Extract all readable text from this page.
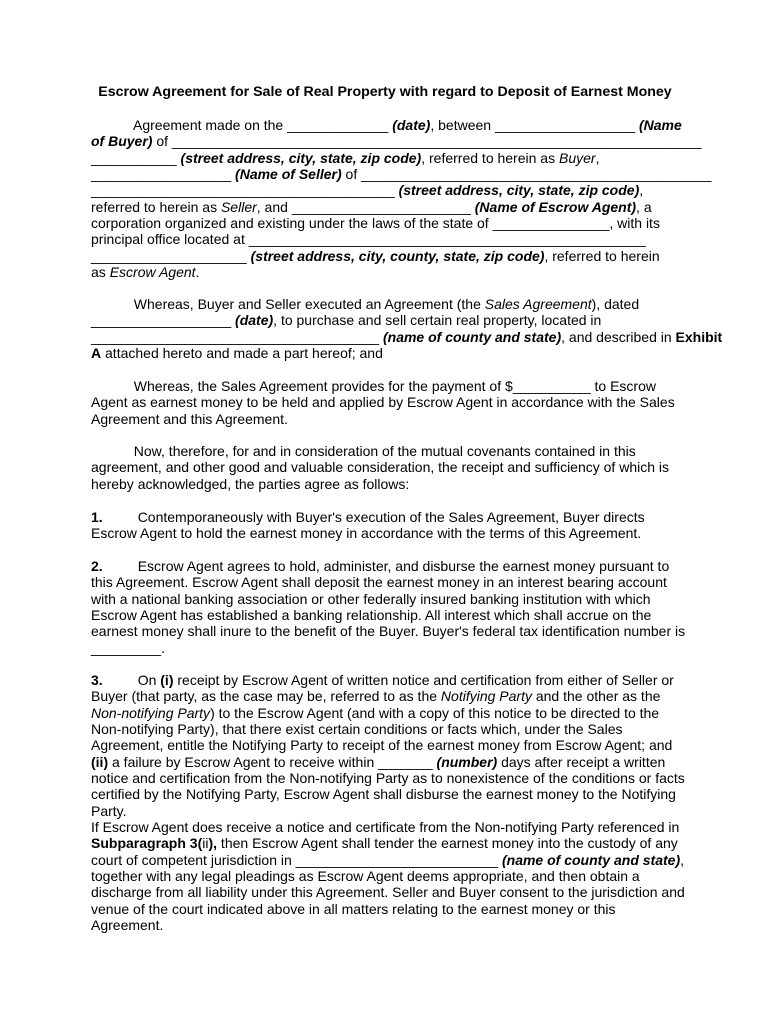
Escrow Agreement for Sale of Real Property with regard to Deposit of Earnest Money
Agreement made on the _____________ (date), between __________________ (Name
of Buyer) of ____________________________________________________________________
___________ (street address, city, state, zip code), referred to herein as Buyer,
__________________ (Name of Seller) of _____________________________________________
_______________________________________ (street address, city, state, zip code),
referred to herein as Seller, and _______________________ (Name of Escrow Agent), a
corporation organized and existing under the laws of the state of _______________, with its
principal office located at ___________________________________________________
____________________ (street address, city, county, state, zip code), referred to herein
as Escrow Agent.
Whereas, Buyer and Seller executed an Agreement (the Sales Agreement), dated
__________________ (date), to purchase and sell certain real property, located in
_____________________________________ (name of county and state), and described in Exhibit
A attached hereto and made a part hereof; and
Whereas, the Sales Agreement provides for the payment of $__________ to Escrow
Agent as earnest money to be held and applied by Escrow Agent in accordance with the Sales
Agreement and this Agreement.
Now, therefore, for and in consideration of the mutual covenants contained in this
agreement, and other good and valuable consideration, the receipt and sufficiency of which is
hereby acknowledged, the parties agree as follows:
1.         Contemporaneously with Buyer's execution of the Sales Agreement, Buyer directs
Escrow Agent to hold the earnest money in accordance with the terms of this Agreement.
2.         Escrow Agent agrees to hold, administer, and disburse the earnest money pursuant to
this Agreement. Escrow Agent shall deposit the earnest money in an interest bearing account
with a national banking association or other federally insured banking institution with which
Escrow Agent has established a banking relationship. All interest which shall accrue on the
earnest money shall inure to the benefit of the Buyer. Buyer's federal tax identification number is
_________.
3.         On (i) receipt by Escrow Agent of written notice and certification from either of Seller or
Buyer (that party, as the case may be, referred to as the Notifying Party and the other as the
Non-notifying Party) to the Escrow Agent (and with a copy of this notice to be directed to the
Non-notifying Party), that there exist certain conditions or facts which, under the Sales
Agreement, entitle the Notifying Party to receipt of the earnest money from Escrow Agent; and
(ii) a failure by Escrow Agent to receive within _______ (number) days after receipt a written
notice and certification from the Non-notifying Party as to nonexistence of the conditions or facts
certified by the Notifying Party, Escrow Agent shall disburse the earnest money to the Notifying
Party.
If Escrow Agent does receive a notice and certificate from the Non-notifying Party referenced in
Subparagraph 3(ii), then Escrow Agent shall tender the earnest money into the custody of any
court of competent jurisdiction in __________________________ (name of county and state),
together with any legal pleadings as Escrow Agent deems appropriate, and then obtain a
discharge from all liability under this Agreement. Seller and Buyer consent to the jurisdiction and
venue of the court indicated above in all matters relating to the earnest money or this
Agreement.
